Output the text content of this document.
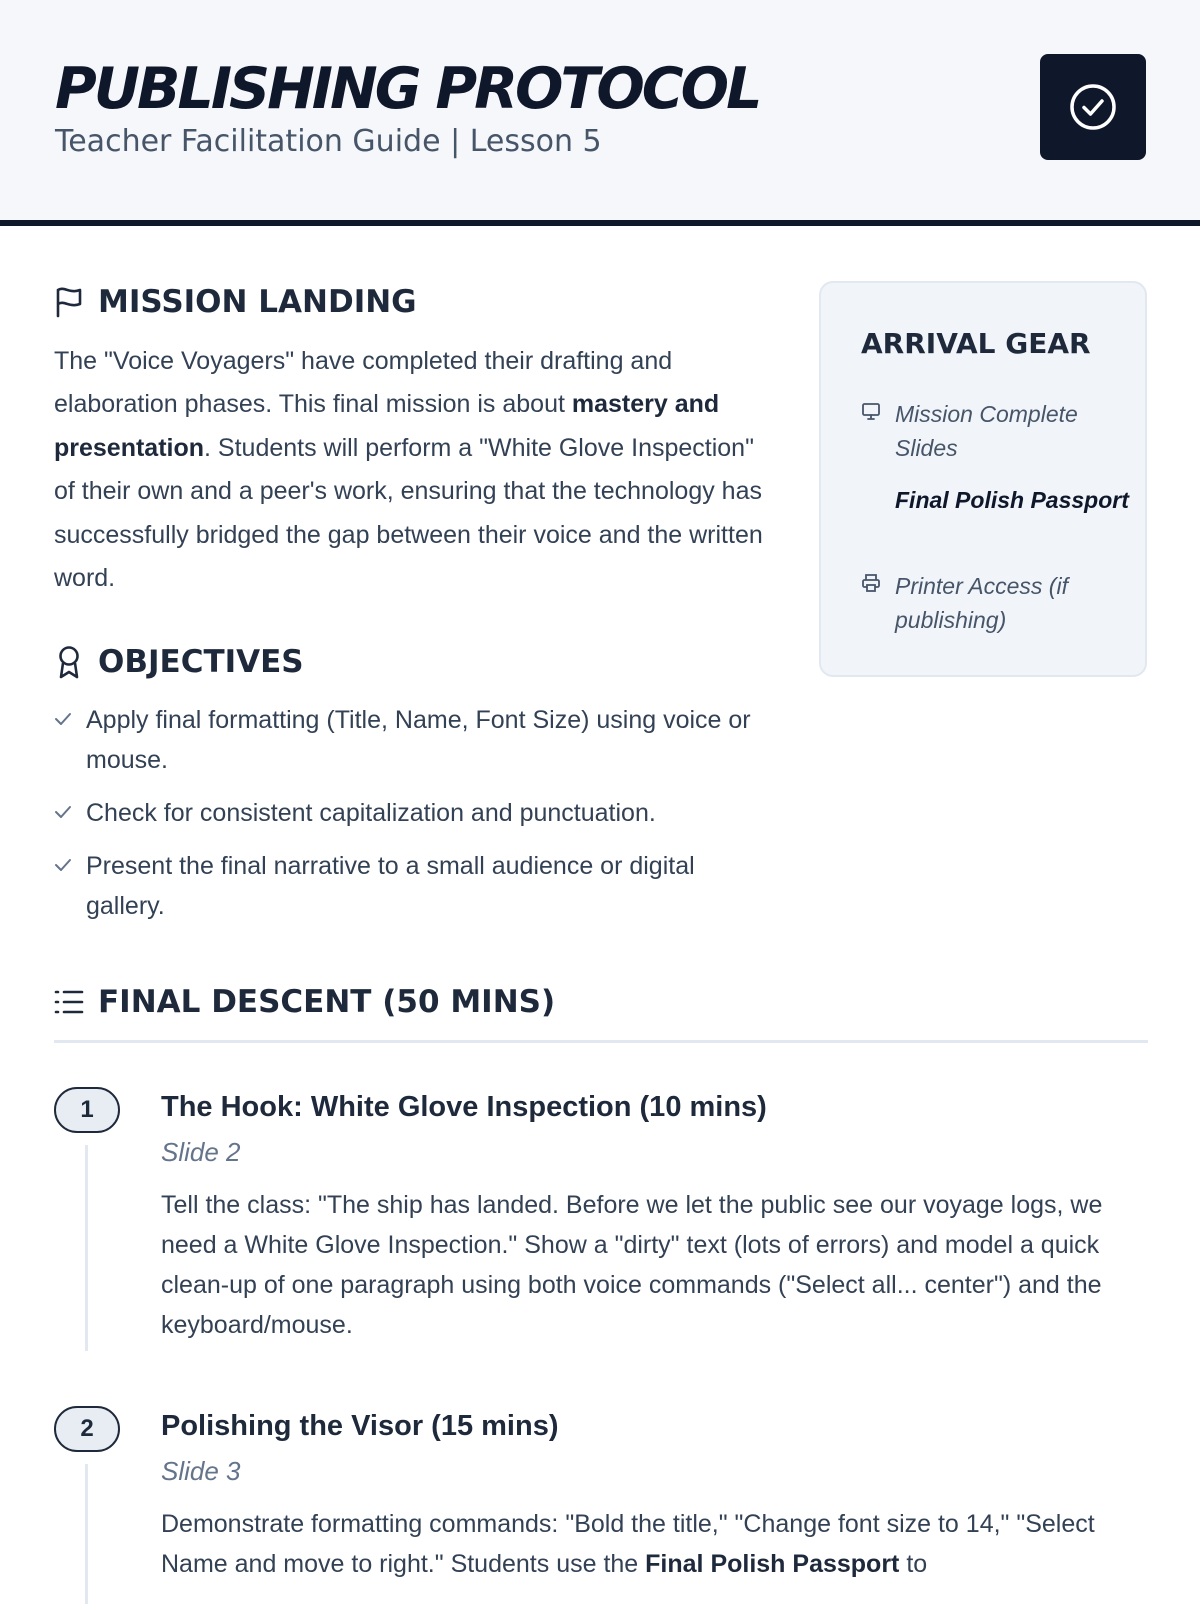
PUBLISHING PROTOCOL
Teacher Facilitation Guide | Lesson 5
MISSION LANDING

The "Voice Voyagers" have completed their drafting and elaboration phases. This final mission is about mastery and presentation. Students will perform a "White Glove Inspection" of their own and a peer's work, ensuring that the technology has successfully bridged the gap between their voice and the written word.

OBJECTIVES
Apply final formatting (Title, Name, Font Size) using voice or mouse.
Check for consistent capitalization and punctuation.
Present the final narrative to a small audience or digital gallery.
ARRIVAL GEAR
Mission Complete Slides
Final Polish Passport
Printer Access (if publishing)
FINAL DESCENT (50 MINS)
1	The Hook: White Glove Inspection (10 mins)
Slide 2

Tell the class: "The ship has landed. Before we let the public see our voyage logs, we need a White Glove Inspection." Show a "dirty" text (lots of errors) and model a quick clean-up of one paragraph using both voice commands ("Select all... center") and the keyboard/mouse.

2	Polishing the Visor (15 mins)
Slide 3

Demonstrate formatting commands: "Bold the title," "Change font size to 14," "Select Name and move to right." Students use the Final Polish Passport to
